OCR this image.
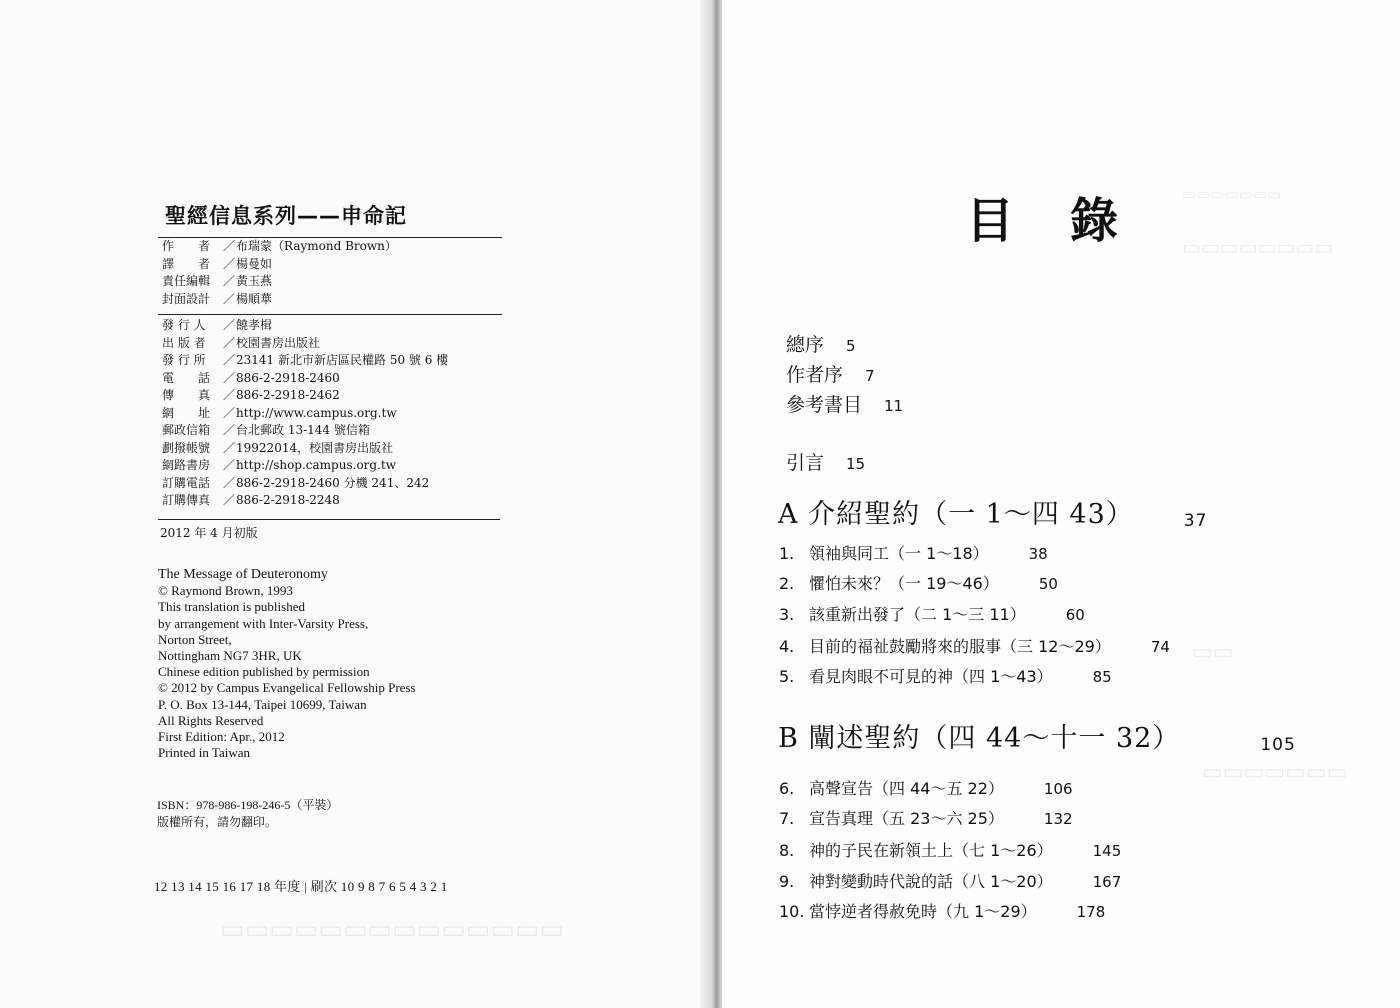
▭▭▭▭▭▭▭▭▭▭▭▭▭▭
聖經信息系列——申命記
作　　者	／ 布瑞蒙（Raymond Brown）
譯　　者	／ 楊曼如
責任編輯	／ 黃玉燕
封面設計	／ 楊順華
發 行 人	／ 饒孝楫
出 版 者	／ 校園書房出版社
發 行 所	／ 23141 新北市新店區民權路 50 號 6 樓
電　　話	／ 886-2-2918-2460
傳　　真	／ 886-2-2918-2462
網　　址	／ http://www.campus.org.tw
郵政信箱	／ 台北郵政 13-144 號信箱
劃撥帳號	／ 19922014，校園書房出版社
網路書房	／ http://shop.campus.org.tw
訂購電話	／ 886-2-2918-2460 分機 241、242
訂購傳真	／ 886-2-2918-2248
2012 年 4 月初版
The Message of Deuteronomy
© Raymond Brown, 1993
This translation is published
by arrangement with Inter-Varsity Press,
Norton Street,
Nottingham NG7 3HR, UK
Chinese edition published by permission
© 2012 by Campus Evangelical Fellowship Press
P. O. Box 13-144, Taipei 10699, Taiwan
All Rights Reserved
First Edition: Apr., 2012
Printed in Taiwan
ISBN：978-986-198-246-5（平裝）
版權所有，請勿翻印。
12 13 14 15 16 17 18 年度 | 刷次 10 9 8 7 6 5 4 3 2 1
▭▭▭▭▭▭▭
▭▭▭▭▭▭▭▭
▭▭
▭▭▭▭▭▭▭
目錄
總序 5
作者序 7
參考書目 11
引言 15
A 介紹聖約（一 1～四 43）	37
1. 領袖與同工（一 1～18）	38
2. 懼怕未來？（一 19～46）	50
3. 該重新出發了（二 1～三 11）	60
4. 目前的福祉鼓勵將來的服事（三 12～29）	74
5. 看見肉眼不可見的神（四 1～43）	85
B 闡述聖約（四 44～十一 32）	105
6. 高聲宣告（四 44～五 22）	106
7. 宣告真理（五 23～六 25）	132
8. 神的子民在新領土上（七 1～26）	145
9. 神對變動時代說的話（八 1～20）	167
10. 當悖逆者得赦免時（九 1～29）	178
